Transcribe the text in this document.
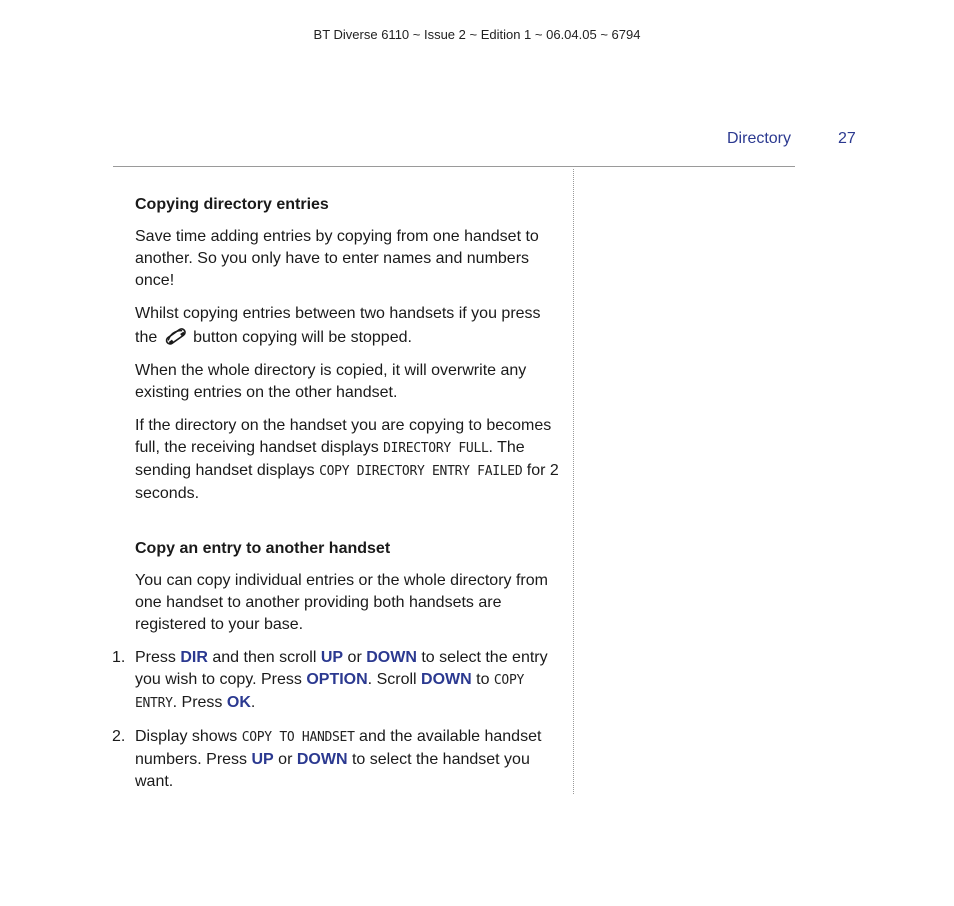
BT Diverse 6110 ~ Issue 2 ~ Edition 1 ~ 06.04.05 ~ 6794
Directory	27
Copying directory entries

Save time adding entries by copying from one handset to another. So you only have to enter names and numbers once!

Whilst copying entries between two handsets if you press the  button copying will be stopped.

When the whole directory is copied, it will overwrite any existing entries on the other handset.

If the directory on the handset you are copying to becomes full, the receiving handset displays DIRECTORY FULL. The sending handset displays COPY DIRECTORY ENTRY FAILED for 2 seconds.

Copy an entry to another handset

You can copy individual entries or the whole directory from one handset to another providing both handsets are registered to your base.

1. Press DIR and then scroll UP or DOWN to select the entry you wish to copy. Press OPTION. Scroll DOWN to COPY ENTRY. Press OK.
2. Display shows COPY TO HANDSET and the available handset numbers. Press UP or DOWN to select the handset you want.
